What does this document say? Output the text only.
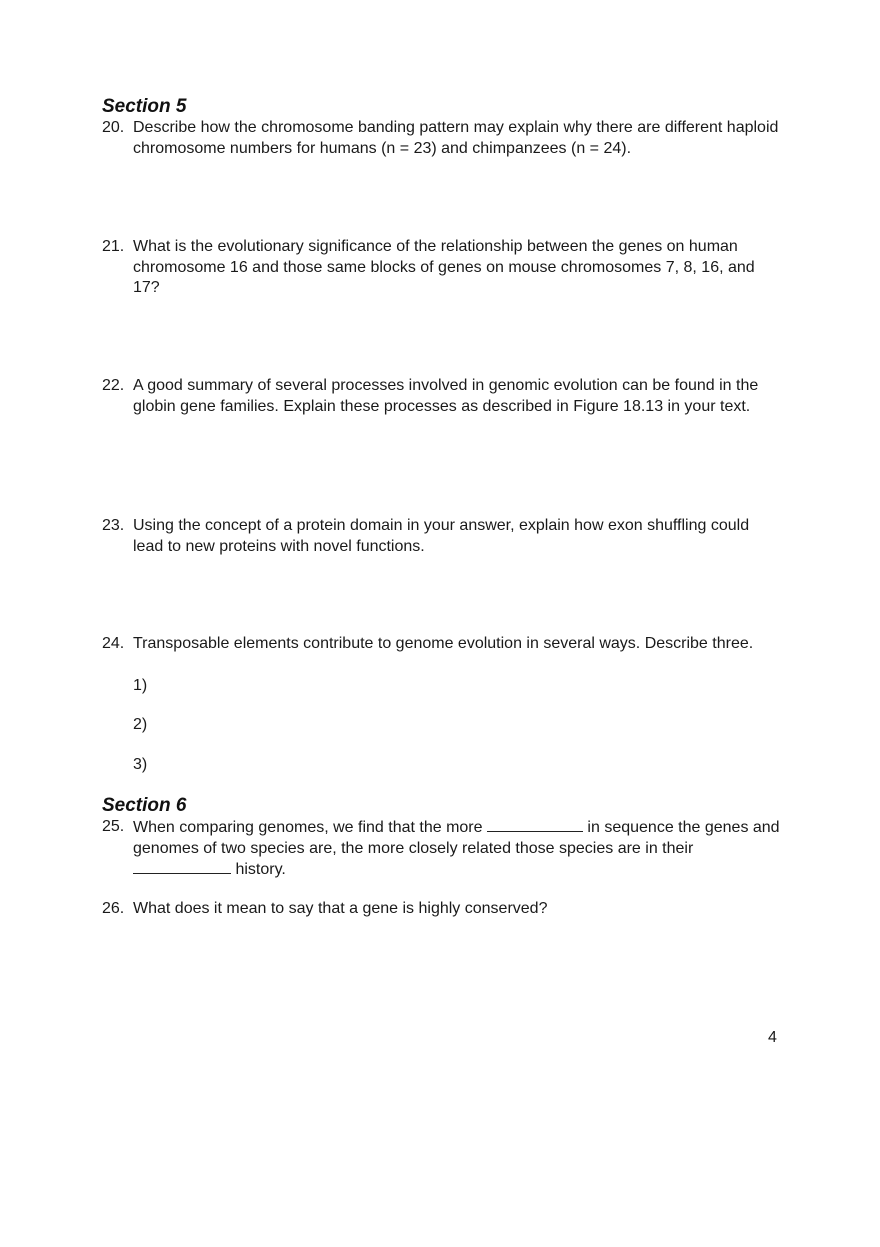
Section 5
20. Describe how the chromosome banding pattern may explain why there are different haploid chromosome numbers for humans (n = 23) and chimpanzees (n = 24).
21. What is the evolutionary significance of the relationship between the genes on human chromosome 16 and those same blocks of genes on mouse chromosomes 7, 8, 16, and 17?
22. A good summary of several processes involved in genomic evolution can be found in the globin gene families. Explain these processes as described in Figure 18.13 in your text.
23. Using the concept of a protein domain in your answer, explain how exon shuffling could lead to new proteins with novel functions.
24. Transposable elements contribute to genome evolution in several ways. Describe three.
1)
2)
3)
Section 6
25. When comparing genomes, we find that the more	in sequence the genes and genomes of two species are, the more closely related those species are in their  history.
26. What does it mean to say that a gene is highly conserved?
4
